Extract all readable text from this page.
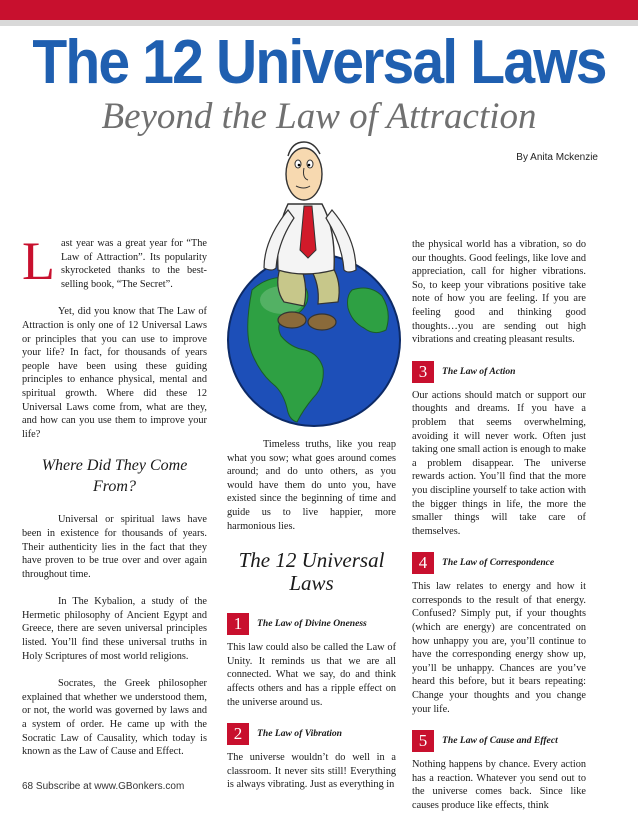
The 12 Universal Laws
Beyond the Law of Attraction
By Anita Mckenzie

Last year was a great year for “The Law of Attraction”. Its popularity skyrocketed thanks to the best-selling book, “The Secret”.

Yet, did you know that The Law of Attraction is only one of 12 Universal Laws or principles that you can use to improve your life? In fact, for thousands of years people have been using these guiding principles to enhance physical, mental and spiritual growth. Where did these 12 Universal Laws come from, what are they, and how can you use them to improve your life?

Where Did They Come From?

Universal or spiritual laws have been in existence for thousands of years. Their authenticity lies in the fact that they have proven to be true over and over again throughout time.

In The Kybalion, a study of the Hermetic philosophy of Ancient Egypt and Greece, there are seven universal principles listed. You’ll find these universal truths in Holy Scriptures of most world religions.

Socrates, the Greek philosopher explained that whether we understood them, or not, the world was governed by laws and a system of order. He came up with the Socratic Law of Causality, which today is known as the Law of Cause and Effect.

Timeless truths, like you reap what you sow; what goes around comes around; and do unto others, as you would have them do unto you, have existed since the beginning of time and guide us to live happier, more harmonious lies.

The 12 Universal Laws
1	The Law of Divine Oneness

This law could also be called the Law of Unity. It reminds us that we are all connected. What we say, do and think affects others and has a ripple effect on the universe around us.

2	The Law of Vibration

The universe wouldn’t do well in a classroom. It never sits still! Everything is always vibrating. Just as everything in

the physical world has a vibration, so do our thoughts. Good feelings, like love and appreciation, call for higher vibrations. So, to keep your vibrations positive take note of how you are feeling. If you are feeling good and thinking good thoughts…you are sending out high vibrations and creating pleasant results.

3	The Law of Action

Our actions should match or support our thoughts and dreams. If you have a problem that seems overwhelming, avoiding it will never work. Often just taking one small action is enough to make a problem disappear. The universe rewards action. You’ll find that the more you discipline yourself to take action with the bigger things in life, the more the smaller things will take care of themselves.

4	The Law of Correspondence

This law relates to energy and how it corresponds to the result of that energy. Confused? Simply put, if your thoughts (which are energy) are concentrated on how unhappy you are, you’ll continue to have the corresponding energy show up, you’ll be unhappy. Chances are you’ve heard this before, but it bears repeating: Change your thoughts and you change your life.

5	The Law of Cause and Effect

Nothing happens by chance. Every action has a reaction. Whatever you send out to the universe comes back. Since like causes produce like effects, think

68 Subscribe at www.GBonkers.com
